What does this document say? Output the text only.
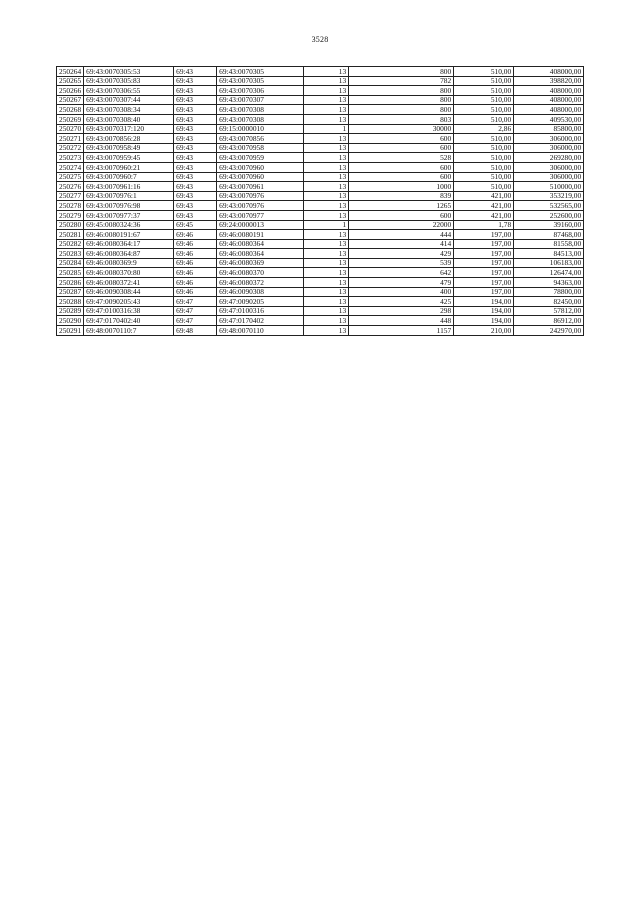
3528
250264	69:43:0070305:53	69:43	69:43:0070305	13	800	510,00	408000,00
250265	69:43:0070305:83	69:43	69:43:0070305	13	782	510,00	398820,00
250266	69:43:0070306:55	69:43	69:43:0070306	13	800	510,00	408000,00
250267	69:43:0070307:44	69:43	69:43:0070307	13	800	510,00	408000,00
250268	69:43:0070308:34	69:43	69:43:0070308	13	800	510,00	408000,00
250269	69:43:0070308:40	69:43	69:43:0070308	13	803	510,00	409530,00
250270	69:43:0070317:120	69:43	69:15:0000010	1	30000	2,86	85800,00
250271	69:43:0070856:28	69:43	69:43:0070856	13	600	510,00	306000,00
250272	69:43:0070958:49	69:43	69:43:0070958	13	600	510,00	306000,00
250273	69:43:0070959:45	69:43	69:43:0070959	13	528	510,00	269280,00
250274	69:43:0070960:21	69:43	69:43:0070960	13	600	510,00	306000,00
250275	69:43:0070960:7	69:43	69:43:0070960	13	600	510,00	306000,00
250276	69:43:0070961:16	69:43	69:43:0070961	13	1000	510,00	510000,00
250277	69:43:0070976:1	69:43	69:43:0070976	13	839	421,00	353219,00
250278	69:43:0070976:98	69:43	69:43:0070976	13	1265	421,00	532565,00
250279	69:43:0070977:37	69:43	69:43:0070977	13	600	421,00	252600,00
250280	69:45:0080324:36	69:45	69:24:0000013	1	22000	1,78	39160,00
250281	69:46:0080191:67	69:46	69:46:0080191	13	444	197,00	87468,00
250282	69:46:0080364:17	69:46	69:46:0080364	13	414	197,00	81558,00
250283	69:46:0080364:87	69:46	69:46:0080364	13	429	197,00	84513,00
250284	69:46:0080369:9	69:46	69:46:0080369	13	539	197,00	106183,00
250285	69:46:0080370:80	69:46	69:46:0080370	13	642	197,00	126474,00
250286	69:46:0080372:41	69:46	69:46:0080372	13	479	197,00	94363,00
250287	69:46:0090308:44	69:46	69:46:0090308	13	400	197,00	78800,00
250288	69:47:0090205:43	69:47	69:47:0090205	13	425	194,00	82450,00
250289	69:47:0100316:38	69:47	69:47:0100316	13	298	194,00	57812,00
250290	69:47:0170402:40	69:47	69:47:0170402	13	448	194,00	86912,00
250291	69:48:0070110:7	69:48	69:48:0070110	13	1157	210,00	242970,00
